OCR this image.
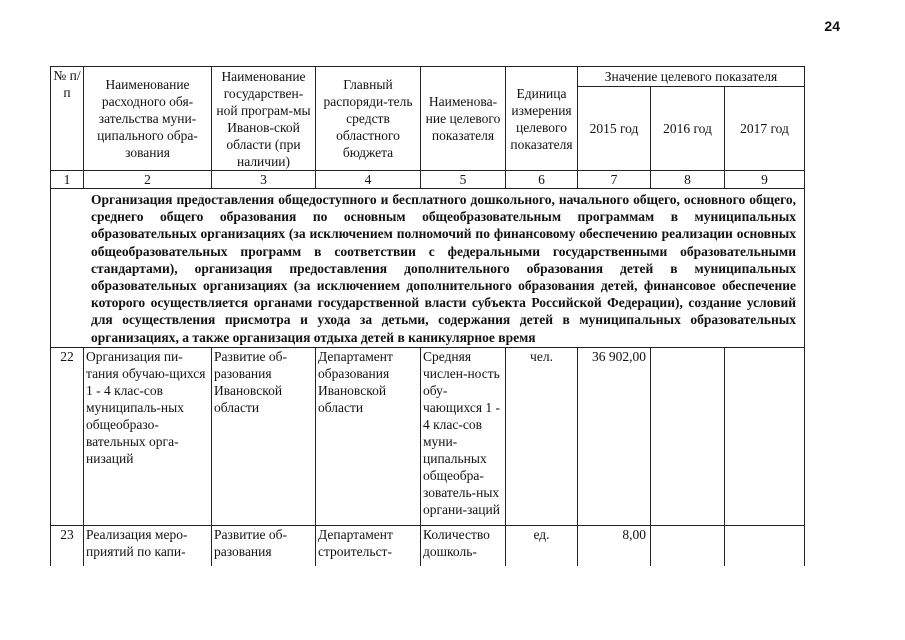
24
№ п/п	Наименование расходного обя-зательства муни-ципального обра-зования	Наименование государствен-ной програм-мы Иванов-ской области (при наличии)	Главный распоряди-тель средств областного бюджета	Наименова-ние целевого показателя	Единица измерения целевого показателя	Значение целевого показателя		
						2015 год	2016 год	2017 год
1	2	3	4	5	6	7	8	9
Организация предоставления общедоступного и бесплатного дошкольного, начального общего, основного общего, среднего общего образования по основным общеобразовательным программам в муниципальных образовательных организациях (за исключением полномочий по финансовому обеспечению реализации основных общеобразовательных программ в соответствии с федеральными государственными образовательными стандартами), организация предоставления дополнительного образования детей в муниципальных образовательных организациях (за исключением дополнительного образования детей, финансовое обеспечение которого осуществляется органами государственной власти субъекта Российской Федерации), создание условий для осуществления присмотра и ухода за детьми, содержания детей в муниципальных образовательных организациях, а также организация отдыха детей в каникулярное время								
22	Организация пи-тания обучаю-щихся 1 - 4 клас-сов муниципаль-ных общеобразо-вательных орга-низаций	Развитие об-разования Ивановской области	Департамент образования Ивановской области	Средняя числен-ность обу-чающихся 1 - 4 клас-сов муни-ципальных общеобра-зователь-ных органи-заций	чел.	36 902,00		
23	Реализация меро-приятий по капи-	Развитие об-разования	Департамент строительст-	Количество дошколь-	ед.	8,00		
